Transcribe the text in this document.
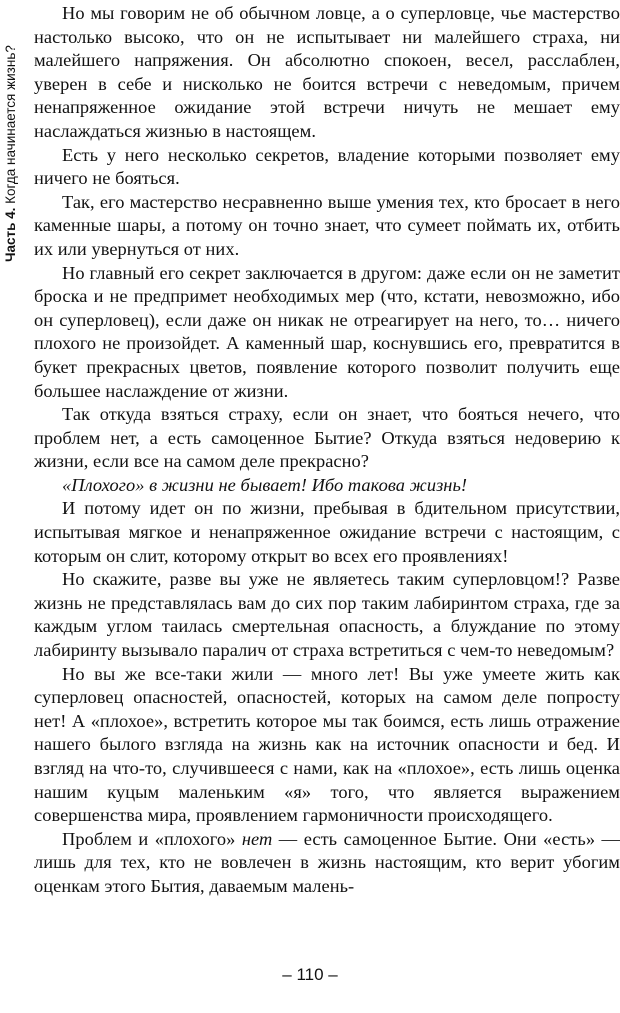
Часть 4. Когда начинается жизнь?

Но мы говорим не об обычном ловце, а о суперловце, чье мастерство настолько высоко, что он не испытывает ни малейшего страха, ни малейшего напряжения. Он абсолютно спокоен, весел, расслаблен, уверен в себе и нисколько не боится встречи с неведомым, причем ненапряженное ожидание этой встречи ничуть не мешает ему наслаждаться жизнью в настоящем.

Есть у него несколько секретов, владение которыми позволяет ему ничего не бояться.

Так, его мастерство несравненно выше умения тех, кто бросает в него каменные шары, а потому он точно знает, что сумеет поймать их, отбить их или увернуться от них.

Но главный его секрет заключается в другом: даже если он не заметит броска и не предпримет необходимых мер (что, кстати, невозможно, ибо он суперловец), если даже он никак не отреагирует на него, то… ничего плохого не произойдет. А каменный шар, коснувшись его, превратится в букет прекрасных цветов, появление которого позволит получить еще большее наслаждение от жизни.

Так откуда взяться страху, если он знает, что бояться нечего, что проблем нет, а есть самоценное Бытие? Откуда взяться недоверию к жизни, если все на самом деле прекрасно?

«Плохого» в жизни не бывает! Ибо такова жизнь!

И потому идет он по жизни, пребывая в бдительном присутствии, испытывая мягкое и ненапряженное ожидание встречи с настоящим, с которым он слит, которому открыт во всех его проявлениях!

Но скажите, разве вы уже не являетесь таким суперловцом!? Разве жизнь не представлялась вам до сих пор таким лабиринтом страха, где за каждым углом таилась смертельная опасность, а блуждание по этому лабиринту вызывало паралич от страха встретиться с чем-то неведомым?

Но вы же все-таки жили — много лет! Вы уже умеете жить как суперловец опасностей, опасностей, которых на самом деле попросту нет! А «плохое», встретить которое мы так боимся, есть лишь отражение нашего былого взгляда на жизнь как на источник опасности и бед. И взгляд на что-то, случившееся с нами, как на «плохое», есть лишь оценка нашим куцым маленьким «я» того, что является выражением совершенства мира, проявлением гармоничности происходящего.

Проблем и «плохого» нет — есть самоценное Бытие. Они «есть» — лишь для тех, кто не вовлечен в жизнь настоящим, кто верит убогим оценкам этого Бытия, даваемым малень-

– 110 –
